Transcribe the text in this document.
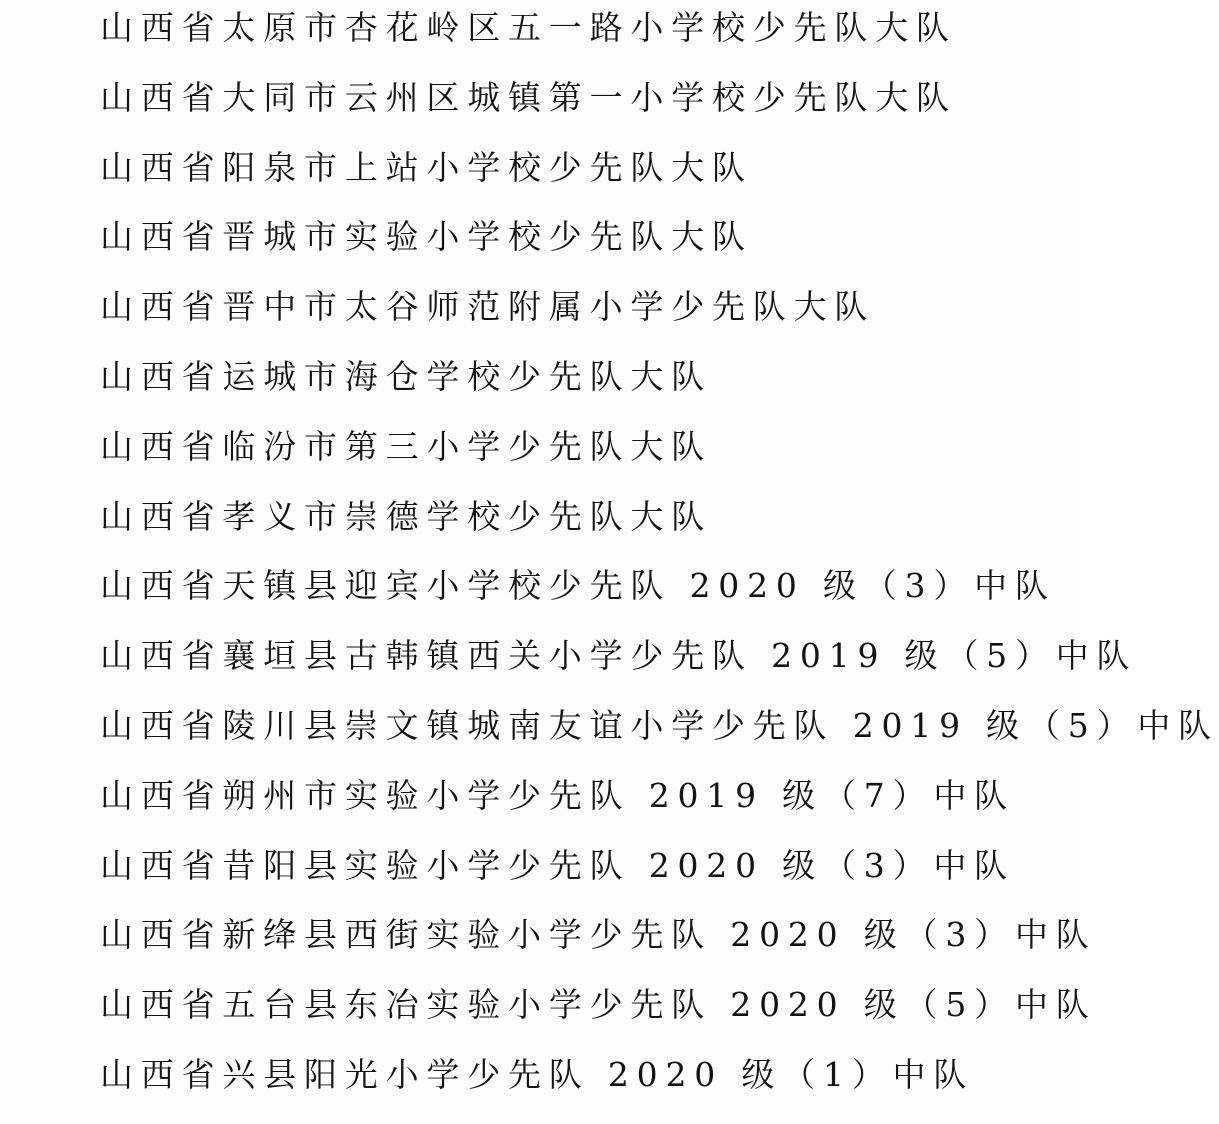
山西省太原市杏花岭区五一路小学校少先队大队
山西省大同市云州区城镇第一小学校少先队大队
山西省阳泉市上站小学校少先队大队
山西省晋城市实验小学校少先队大队
山西省晋中市太谷师范附属小学少先队大队
山西省运城市海仓学校少先队大队
山西省临汾市第三小学少先队大队
山西省孝义市崇德学校少先队大队
山西省天镇县迎宾小学校少先队 2020 级（3）中队
山西省襄垣县古韩镇西关小学少先队 2019 级（5）中队
山西省陵川县崇文镇城南友谊小学少先队 2019 级（5）中队
山西省朔州市实验小学少先队 2019 级（7）中队
山西省昔阳县实验小学少先队 2020 级（3）中队
山西省新绛县西街实验小学少先队 2020 级（3）中队
山西省五台县东冶实验小学少先队 2020 级（5）中队
山西省兴县阳光小学少先队 2020 级（1）中队
